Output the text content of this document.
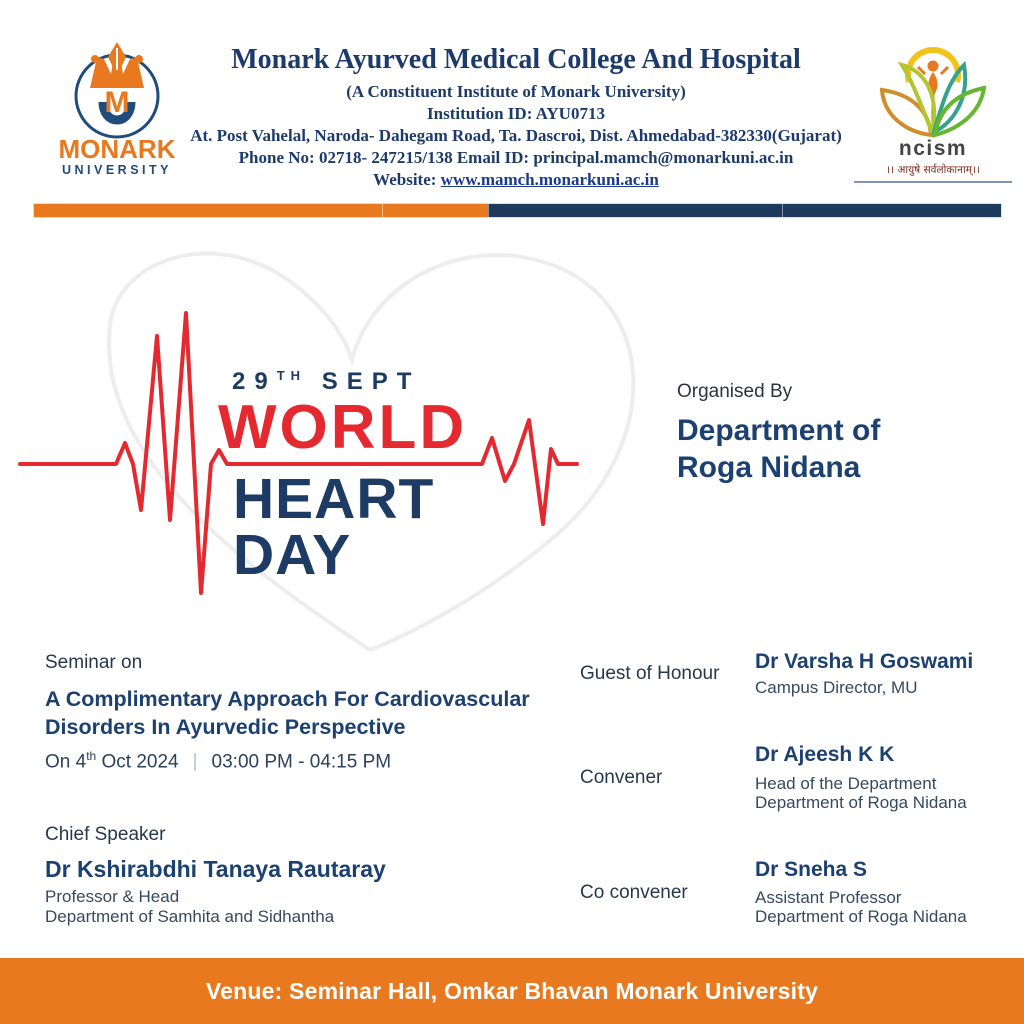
M
MONARK
UNIVERSITY
Monark Ayurved Medical College And Hospital
(A Constituent Institute of Monark University)
Institution ID: AYU0713
At. Post Vahelal, Naroda- Dahegam Road, Ta. Dascroi, Dist. Ahmedabad-382330(Gujarat)
Phone No: 02718- 247215/138 Email ID: principal.mamch@monarkuni.ac.in
Website: www.mamch.monarkuni.ac.in
ncism
।। आयुषे सर्वलोकानाम्।।
29TH SEPT
WORLD
HEART
DAY
Organised By
Department of
Roga Nidana
Seminar on
A Complimentary Approach For Cardiovascular
Disorders In Ayurvedic Perspective
On 4th Oct 2024 | 03:00 PM - 04:15 PM
Chief Speaker
Dr Kshirabdhi Tanaya Rautaray
Professor & Head
Department of Samhita and Sidhantha
Guest of Honour
Dr Varsha H Goswami
Campus Director, MU
Convener
Dr Ajeesh K K
Head of the Department
Department of Roga Nidana
Co convener
Dr Sneha S
Assistant Professor
Department of Roga Nidana
Venue: Seminar Hall, Omkar Bhavan Monark University
